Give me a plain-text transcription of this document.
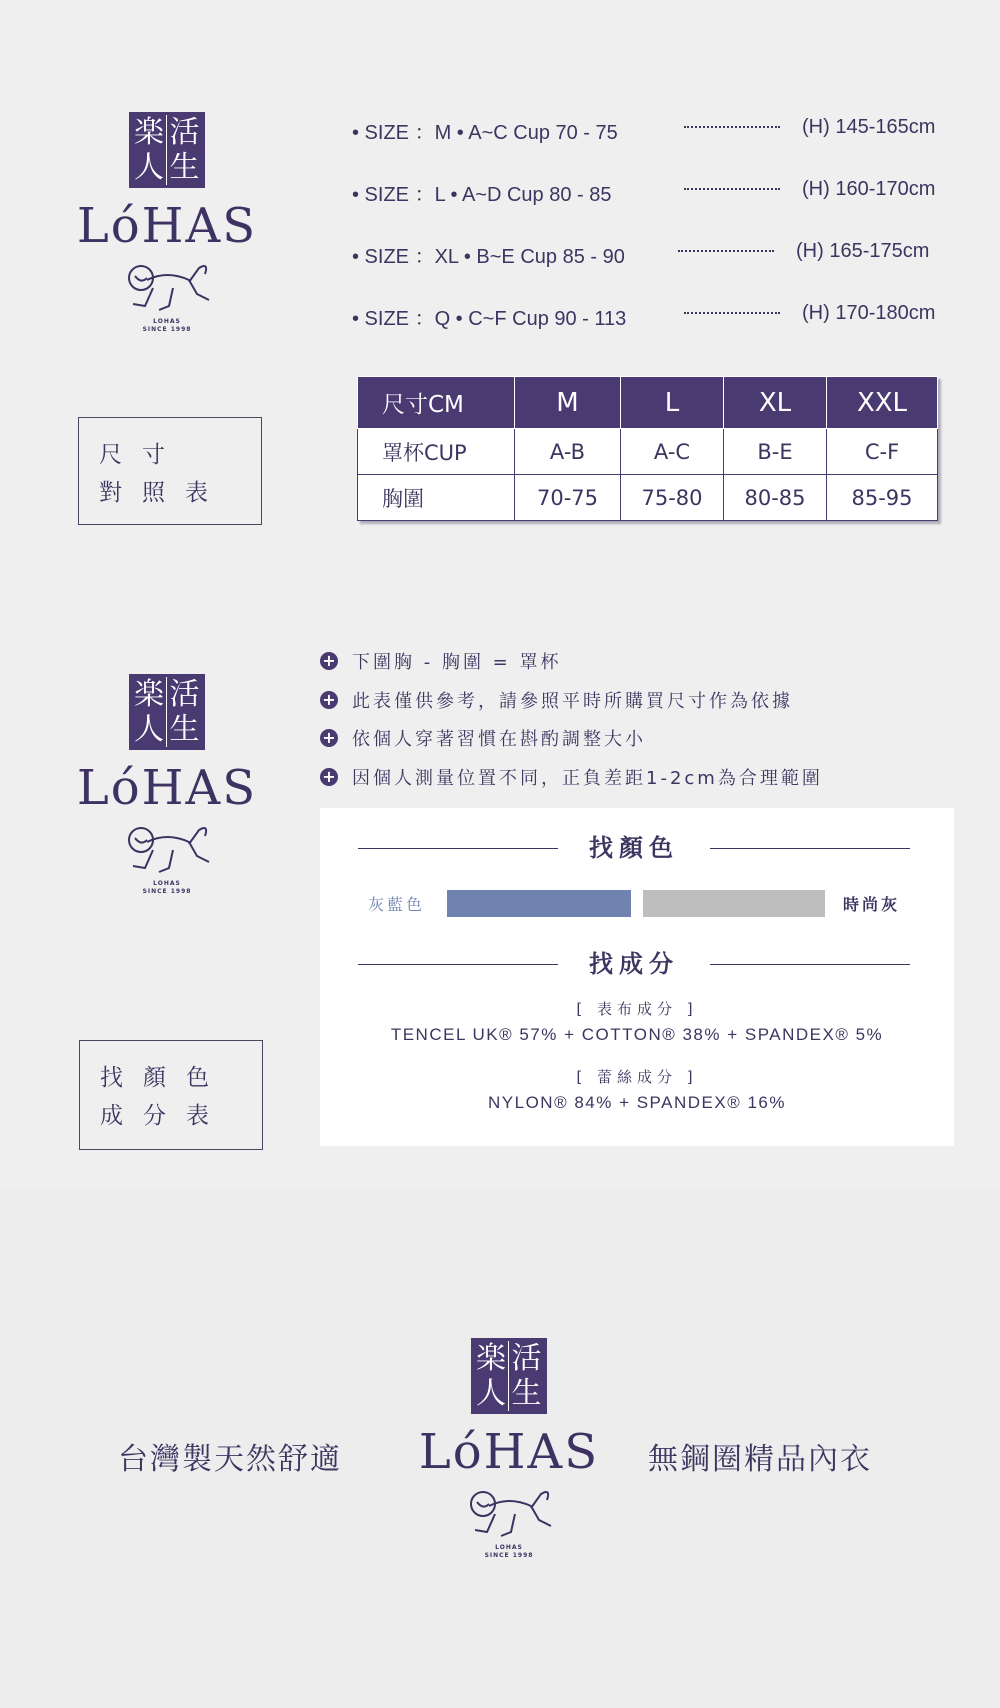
楽 活
人 生
LóHAS
LOHAS
SINCE 1998
• SIZE ：M • A~C Cup 70 - 75	(H) 145-165cm
• SIZE ：L • A~D Cup 80 - 85	(H) 160-170cm
• SIZE ：XL • B~E Cup 85 - 90	(H) 165-175cm
• SIZE ：Q • C~F Cup 90 - 113	(H) 170-180cm
尺寸
對照表
尺寸CM	M	L	XL	XXL
罩杯CUP	A-B	A-C	B-E	C-F
胸圍	70-75	75-80	80-85	85-95
楽 活
人 生
LóHAS
LOHAS
SINCE 1998
+ 下圍胸 - 胸圍 = 罩杯
+ 此表僅供參考，請參照平時所購買尺寸作為依據
+ 依個人穿著習慣在斟酌調整大小
+ 因個人測量位置不同，正負差距1-2cm為合理範圍
找顏色
成分表
找顏色
灰藍色	時尚灰
找成分
[ 表布成分 ]
TENCEL UK® 57% + COTTON® 38% + SPANDEX® 5%
[ 蕾絲成分 ]
NYLON® 84% + SPANDEX® 16%
台灣製天然舒適
楽 活
人 生
LóHAS
LOHAS
SINCE 1998
無鋼圈精品內衣
